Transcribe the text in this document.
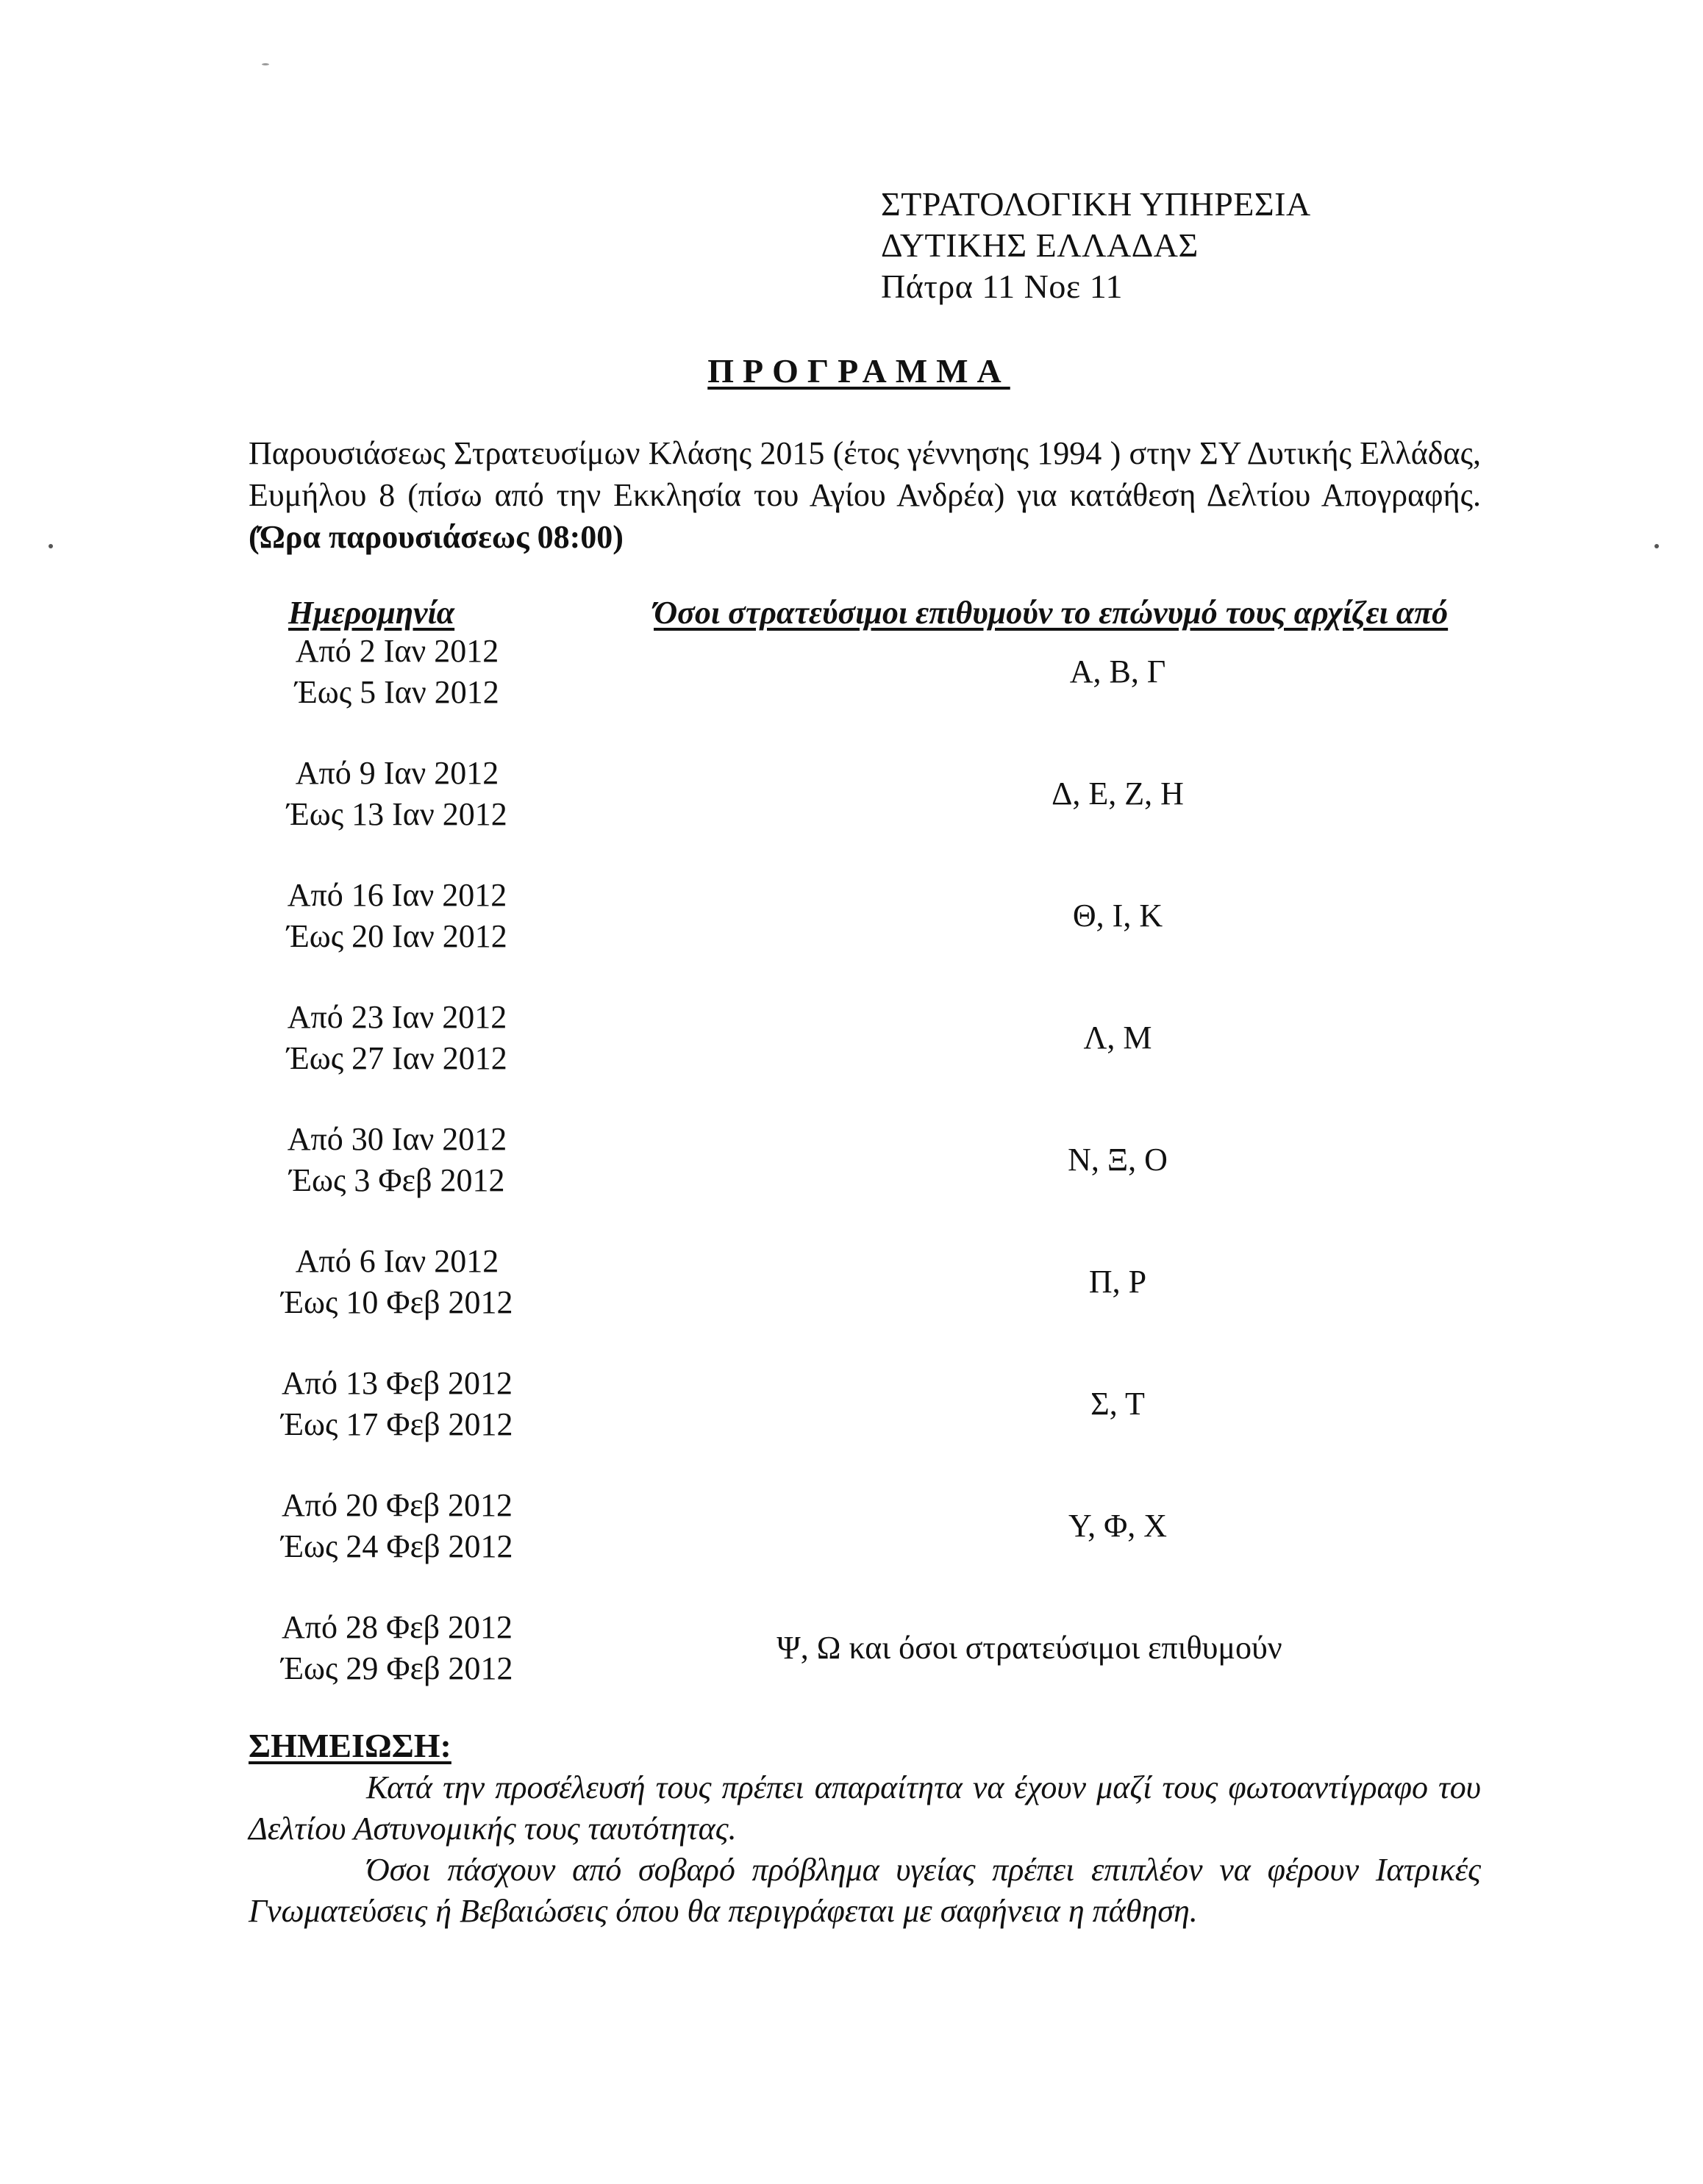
ΣΤΡΑΤΟΛΟΓΙΚΗ ΥΠΗΡΕΣΙΑ
ΔΥΤΙΚΗΣ ΕΛΛΑΔΑΣ
Πάτρα 11 Νοε 11
ΠΡΟΓΡΑΜΜΑ
Παρουσιάσεως Στρατευσίμων Κλάσης 2015 (έτος γέννησης 1994 ) στην ΣΥ Δυτικής Ελλάδας, Ευμήλου 8 (πίσω από την Εκκλησία του Αγίου Ανδρέα) για κατάθεση Δελτίου Απογραφής. (Ώρα παρουσιάσεως 08:00)
Ημερομηνία	Όσοι στρατεύσιμοι επιθυμούν το επώνυμό τους αρχίζει από
Από 2 Ιαν 2012
Έως 5 Ιαν 2012
Α, Β, Γ
Από 9 Ιαν 2012
Έως 13 Ιαν 2012
Δ, Ε, Ζ, Η
Από 16 Ιαν 2012
Έως 20 Ιαν 2012
Θ, Ι, Κ
Από 23 Ιαν 2012
Έως 27 Ιαν 2012
Λ, Μ
Από 30 Ιαν 2012
Έως 3 Φεβ 2012
Ν, Ξ, Ο
Από 6 Ιαν 2012
Έως 10 Φεβ 2012
Π, Ρ
Από 13 Φεβ 2012
Έως 17 Φεβ 2012
Σ, Τ
Από 20 Φεβ 2012
Έως 24 Φεβ 2012
Υ, Φ, Χ
Από 28 Φεβ 2012
Έως 29 Φεβ 2012
Ψ, Ω και όσοι στρατεύσιμοι επιθυμούν
ΣΗΜΕΙΩΣΗ:

Κατά την προσέλευσή τους πρέπει απαραίτητα να έχουν μαζί τους φωτοαντίγραφο του Δελτίου Αστυνομικής τους ταυτότητας.

Όσοι πάσχουν από σοβαρό πρόβλημα υγείας πρέπει επιπλέον να φέρουν Ιατρικές Γνωματεύσεις ή Βεβαιώσεις όπου θα περιγράφεται με σαφήνεια η πάθηση.
